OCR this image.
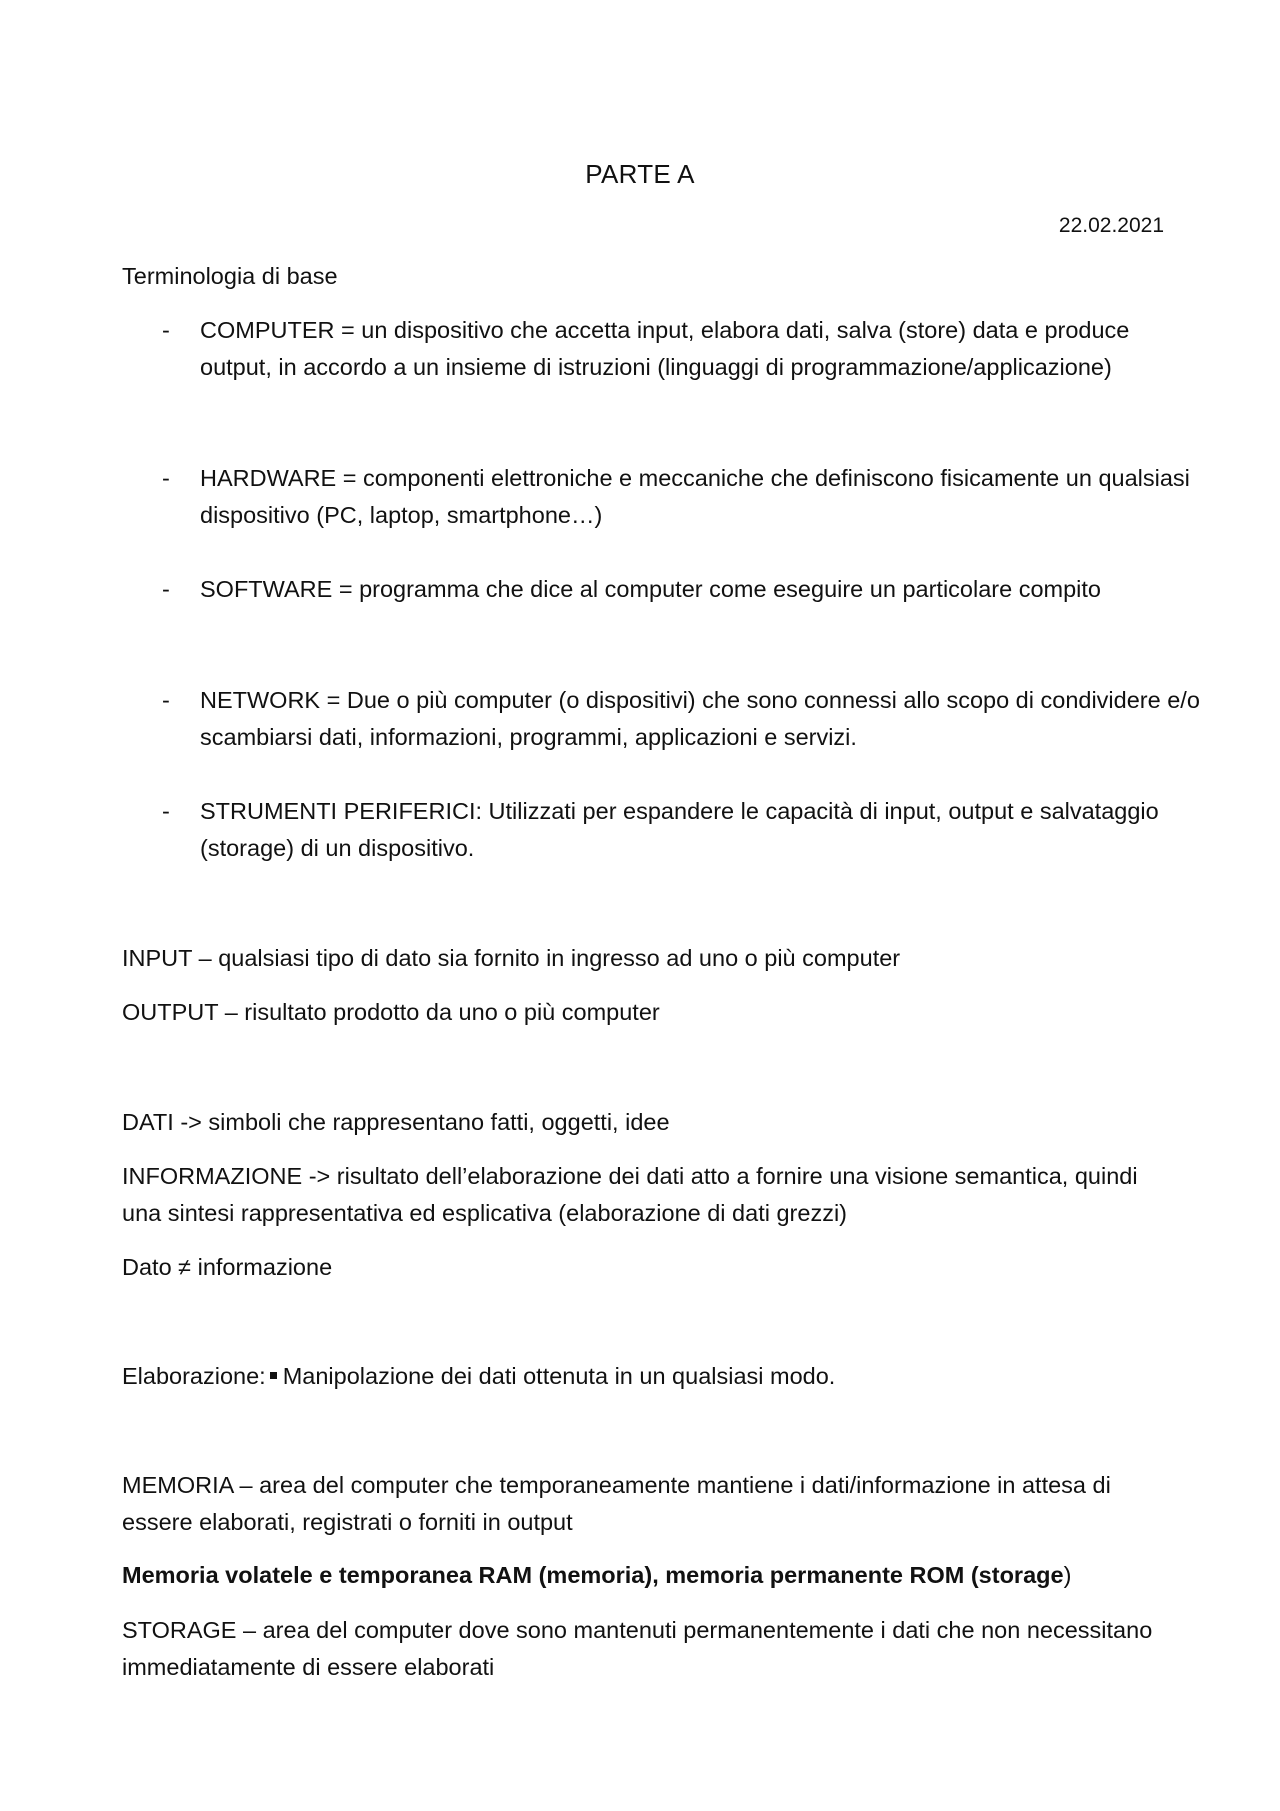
PARTE A
22.02.2021
Terminologia di base
- COMPUTER = un dispositivo che accetta input, elabora dati, salva (store) data e produce output, in accordo a un insieme di istruzioni (linguaggi di programmazione/applicazione)
- HARDWARE = componenti elettroniche e meccaniche che definiscono fisicamente un qualsiasi dispositivo (PC, laptop, smartphone…)
- SOFTWARE = programma che dice al computer come eseguire un particolare compito
- NETWORK = Due o più computer (o dispositivi) che sono connessi allo scopo di condividere e/o scambiarsi dati, informazioni, programmi, applicazioni e servizi.
- STRUMENTI PERIFERICI: Utilizzati per espandere le capacità di input, output e salvataggio (storage) di un dispositivo.
INPUT – qualsiasi tipo di dato sia fornito in ingresso ad uno o più computer
OUTPUT – risultato prodotto da uno o più computer
DATI -> simboli che rappresentano fatti, oggetti, idee
INFORMAZIONE -> risultato dell’elaborazione dei dati atto a fornire una visione semantica, quindi una sintesi rappresentativa ed esplicativa (elaborazione di dati grezzi)
Dato ≠ informazione
Elaborazione: Manipolazione dei dati ottenuta in un qualsiasi modo.
MEMORIA – area del computer che temporaneamente mantiene i dati/informazione in attesa di essere elaborati, registrati o forniti in output
Memoria volatele e temporanea RAM (memoria), memoria permanente ROM (storage)
STORAGE – area del computer dove sono mantenuti permanentemente i dati che non necessitano immediatamente di essere elaborati
